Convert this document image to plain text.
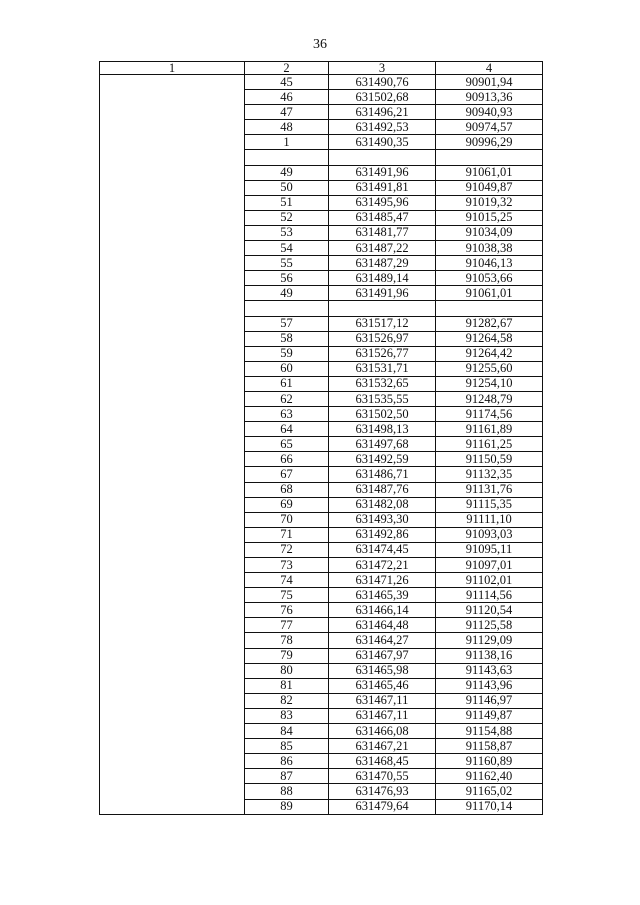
36
1	2	3	4
	45	631490,76	90901,94
	46	631502,68	90913,36
	47	631496,21	90940,93
	48	631492,53	90974,57
	1	631490,35	90996,29

	49	631491,96	91061,01
	50	631491,81	91049,87
	51	631495,96	91019,32
	52	631485,47	91015,25
	53	631481,77	91034,09
	54	631487,22	91038,38
	55	631487,29	91046,13
	56	631489,14	91053,66
	49	631491,96	91061,01

	57	631517,12	91282,67
	58	631526,97	91264,58
	59	631526,77	91264,42
	60	631531,71	91255,60
	61	631532,65	91254,10
	62	631535,55	91248,79
	63	631502,50	91174,56
	64	631498,13	91161,89
	65	631497,68	91161,25
	66	631492,59	91150,59
	67	631486,71	91132,35
	68	631487,76	91131,76
	69	631482,08	91115,35
	70	631493,30	91111,10
	71	631492,86	91093,03
	72	631474,45	91095,11
	73	631472,21	91097,01
	74	631471,26	91102,01
	75	631465,39	91114,56
	76	631466,14	91120,54
	77	631464,48	91125,58
	78	631464,27	91129,09
	79	631467,97	91138,16
	80	631465,98	91143,63
	81	631465,46	91143,96
	82	631467,11	91146,97
	83	631467,11	91149,87
	84	631466,08	91154,88
	85	631467,21	91158,87
	86	631468,45	91160,89
	87	631470,55	91162,40
	88	631476,93	91165,02
	89	631479,64	91170,14
